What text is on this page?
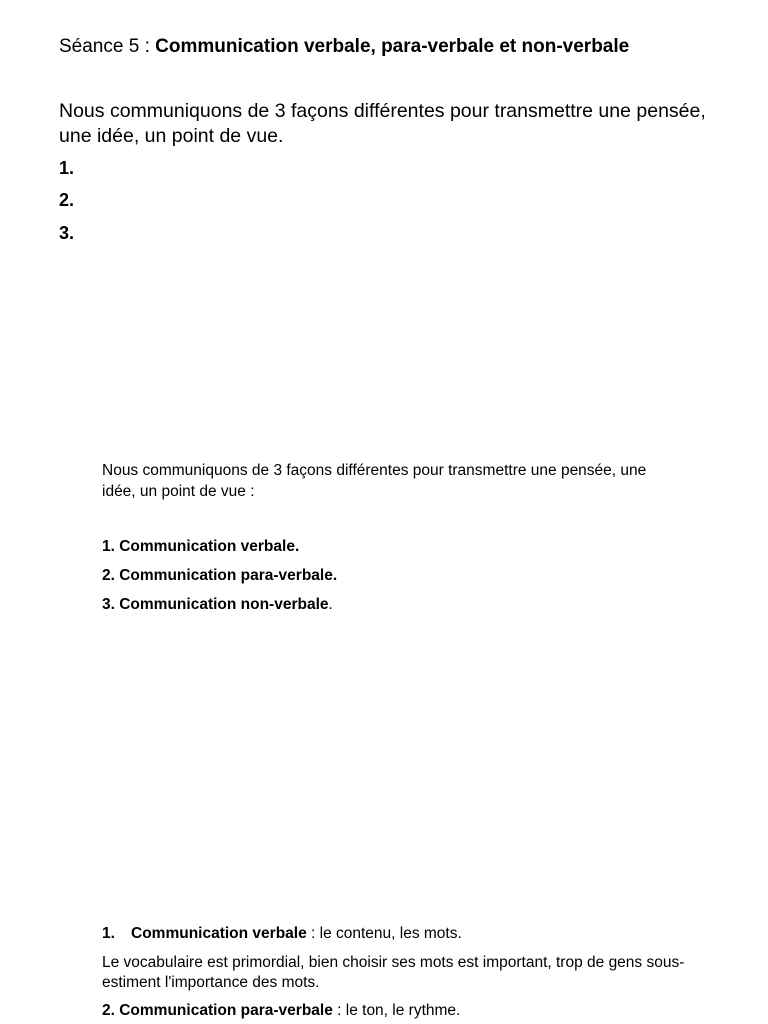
Séance 5 : Communication verbale, para-verbale et non-verbale
Nous communiquons de 3 façons différentes pour transmettre une pensée, une idée, un point de vue.
1.
2.
3.
Nous communiquons de 3 façons différentes pour transmettre une pensée, une idée, un point de vue :
1. Communication verbale.
2. Communication para-verbale.
3. Communication non-verbale.
1. Communication verbale : le contenu, les mots.
Le vocabulaire est primordial, bien choisir ses mots est important, trop de gens sous-estiment l'importance des mots.
2. Communication para-verbale : le ton, le rythme.
